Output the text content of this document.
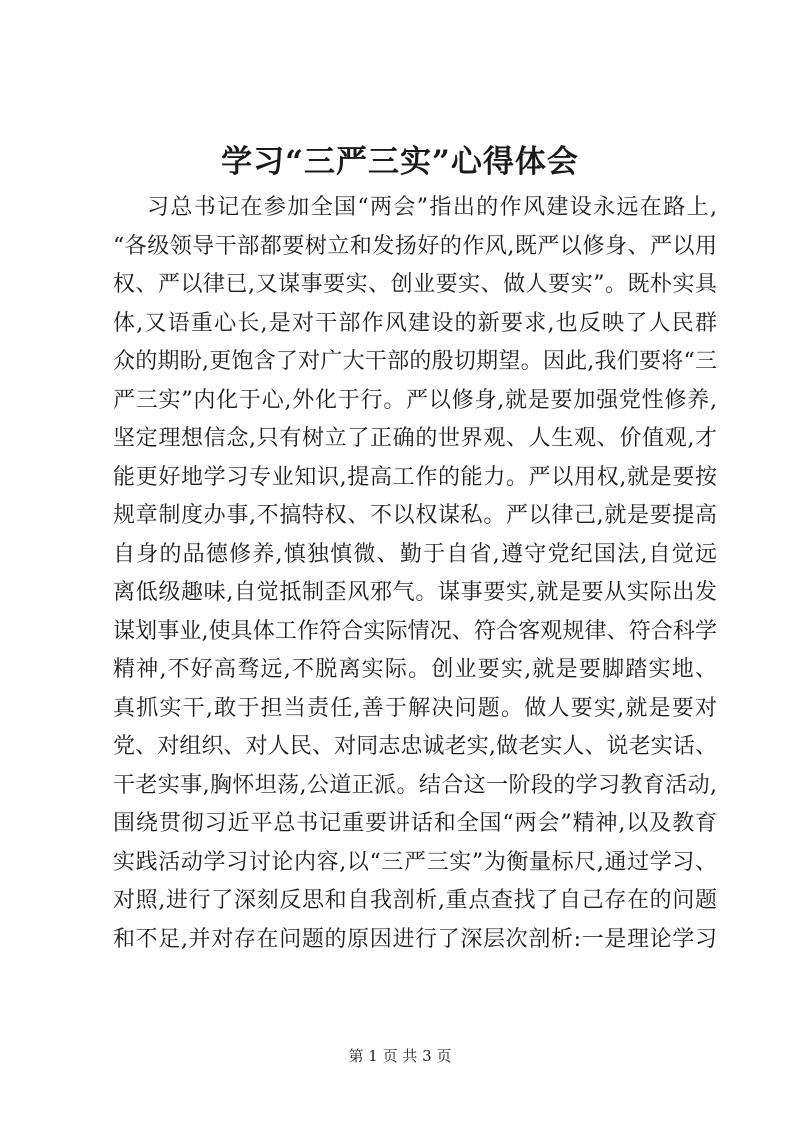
学习“三严三实”心得体会
习总书记在参加全国“两会”指出的作风建设永远在路上,
“各级领导干部都要树立和发扬好的作风,既严以修身、严以用
权、严以律已,又谋事要实、创业要实、做人要实”。既朴实具
体,又语重心长,是对干部作风建设的新要求,也反映了人民群
众的期盼,更饱含了对广大干部的殷切期望。因此,我们要将“三
严三实”内化于心,外化于行。严以修身,就是要加强党性修养,
坚定理想信念,只有树立了正确的世界观、人生观、价值观,才
能更好地学习专业知识,提高工作的能力。严以用权,就是要按
规章制度办事,不搞特权、不以权谋私。严以律己,就是要提高
自身的品德修养,慎独慎微、勤于自省,遵守党纪国法,自觉远
离低级趣味,自觉抵制歪风邪气。谋事要实,就是要从实际出发
谋划事业,使具体工作符合实际情况、符合客观规律、符合科学
精神,不好高骛远,不脱离实际。创业要实,就是要脚踏实地、
真抓实干,敢于担当责任,善于解决问题。做人要实,就是要对
党、对组织、对人民、对同志忠诚老实,做老实人、说老实话、
干老实事,胸怀坦荡,公道正派。结合这一阶段的学习教育活动,
围绕贯彻习近平总书记重要讲话和全国“两会”精神,以及教育
实践活动学习讨论内容,以“三严三实”为衡量标尺,通过学习、
对照,进行了深刻反思和自我剖析,重点查找了自己存在的问题
和不足,并对存在问题的原因进行了深层次剖析:一是理论学习
第 1 页 共 3 页
